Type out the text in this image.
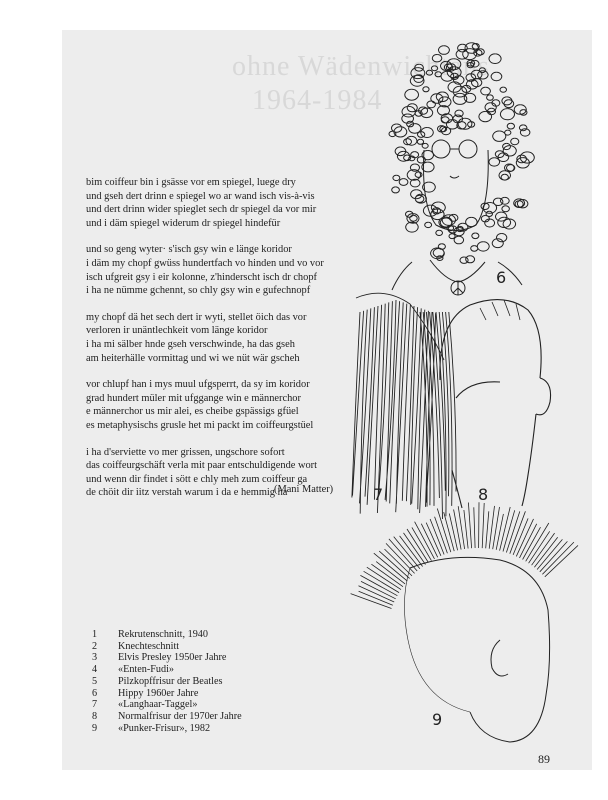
ohne Wädenwichtans
1964-1984
6
7	8
9
bim coiffeur bin i gsässe vor em spiegel, luege dry
und gseh dert drinn e spiegel wo ar wand isch vis-à-vis
und dert drinn wider spieglet sech dr spiegel da vor mir
und i däm spiegel widerum dr spiegel hindefür
und so geng wyter· s'isch gsy win e länge koridor
i däm my chopf gwüss hundertfach vo hinden und vo vor
isch ufgreit gsy i eir kolonne, z'hinderscht isch dr chopf
i ha ne nümme gchennt, so chly gsy win e gufechnopf
my chopf dä het sech dert ir wyti, stellet öich das vor
verloren ir unäntlechkeit vom länge koridor
i ha mi sälber hnde gseh verschwinde, ha das gseh
am heiterhälle vormittag und wi we nüt wär gscheh
vor chlupf han i mys muul ufgsperrt, da sy im koridor
grad hundert müler mit ufggange win e männerchor
e männerchor us mir alei, es cheibe gspässigs gfüel
es metaphysischs grusle het mi packt im coiffeurgstüel
i ha d'serviette vo mer grissen, ungschore sofort
das coiffeurgschäft verla mit paar entschuldigende wort
und wenn dir findet i sött e chly meh zum coiffeur ga
de chöit dir iitz verstah warum i da e hemmig ha
(Mani Matter)
1	Rekrutenschnitt, 1940
2	Knechteschnitt
3	Elvis Presley 1950er Jahre
4	«Enten-Fudi»
5	Pilzkopffrisur der Beatles
6	Hippy 1960er Jahre
7	«Langhaar-Taggel»
8	Normalfrisur der 1970er Jahre
9	«Punker-Frisur», 1982
89
